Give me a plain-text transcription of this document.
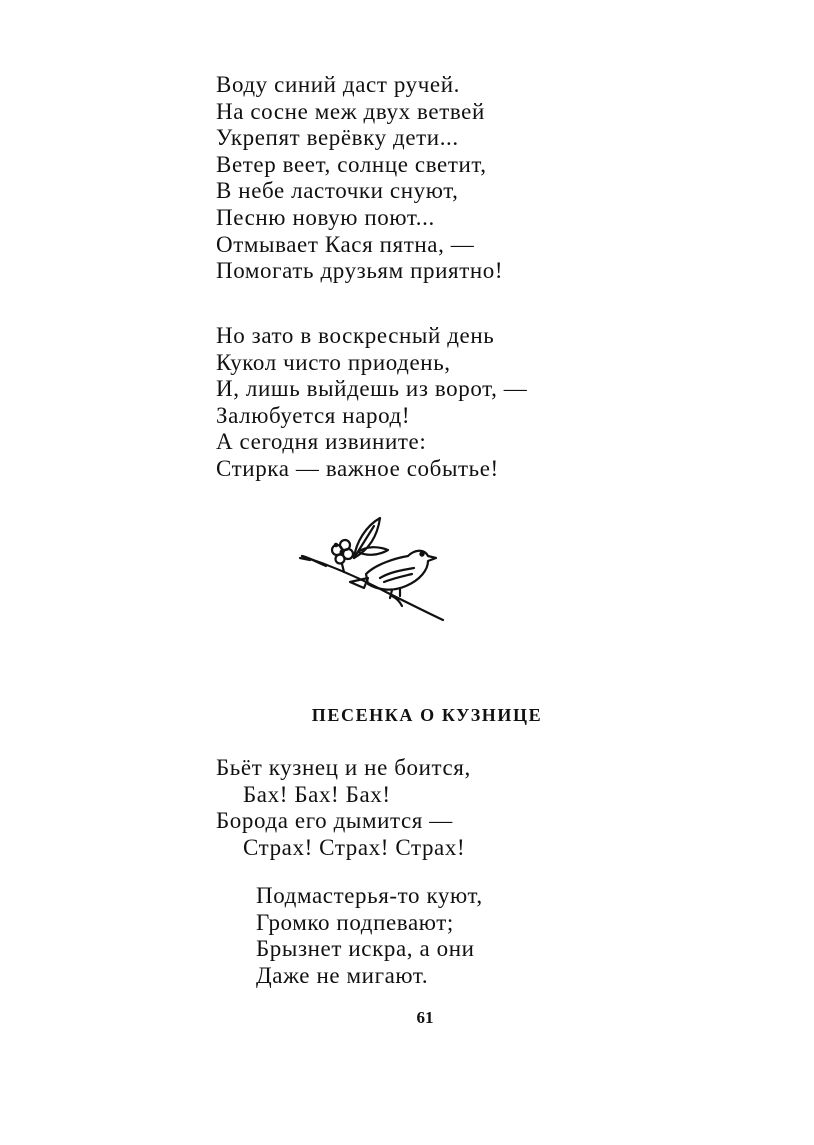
Воду синий даст ручей.
На сосне меж двух ветвей
Укрепят верёвку дети...
Ветер веет, солнце светит,
В небе ласточки снуют,
Песню новую поют...
Отмывает Кася пятна, —
Помогать друзьям приятно!
Но зато в воскресный день
Кукол чисто приодень,
И, лишь выйдешь из ворот, —
Залюбуется народ!
А сегодня извините:
Стирка — важное событье!
ПЕСЕНКА О КУЗНИЦЕ
Бьёт кузнец и не боится,
Бах! Бах! Бах!
Борода его дымится —
Страх! Страх! Страх!
Подмастерья-то куют,
Громко подпевают;
Брызнет искра, а они
Даже не мигают.
61
